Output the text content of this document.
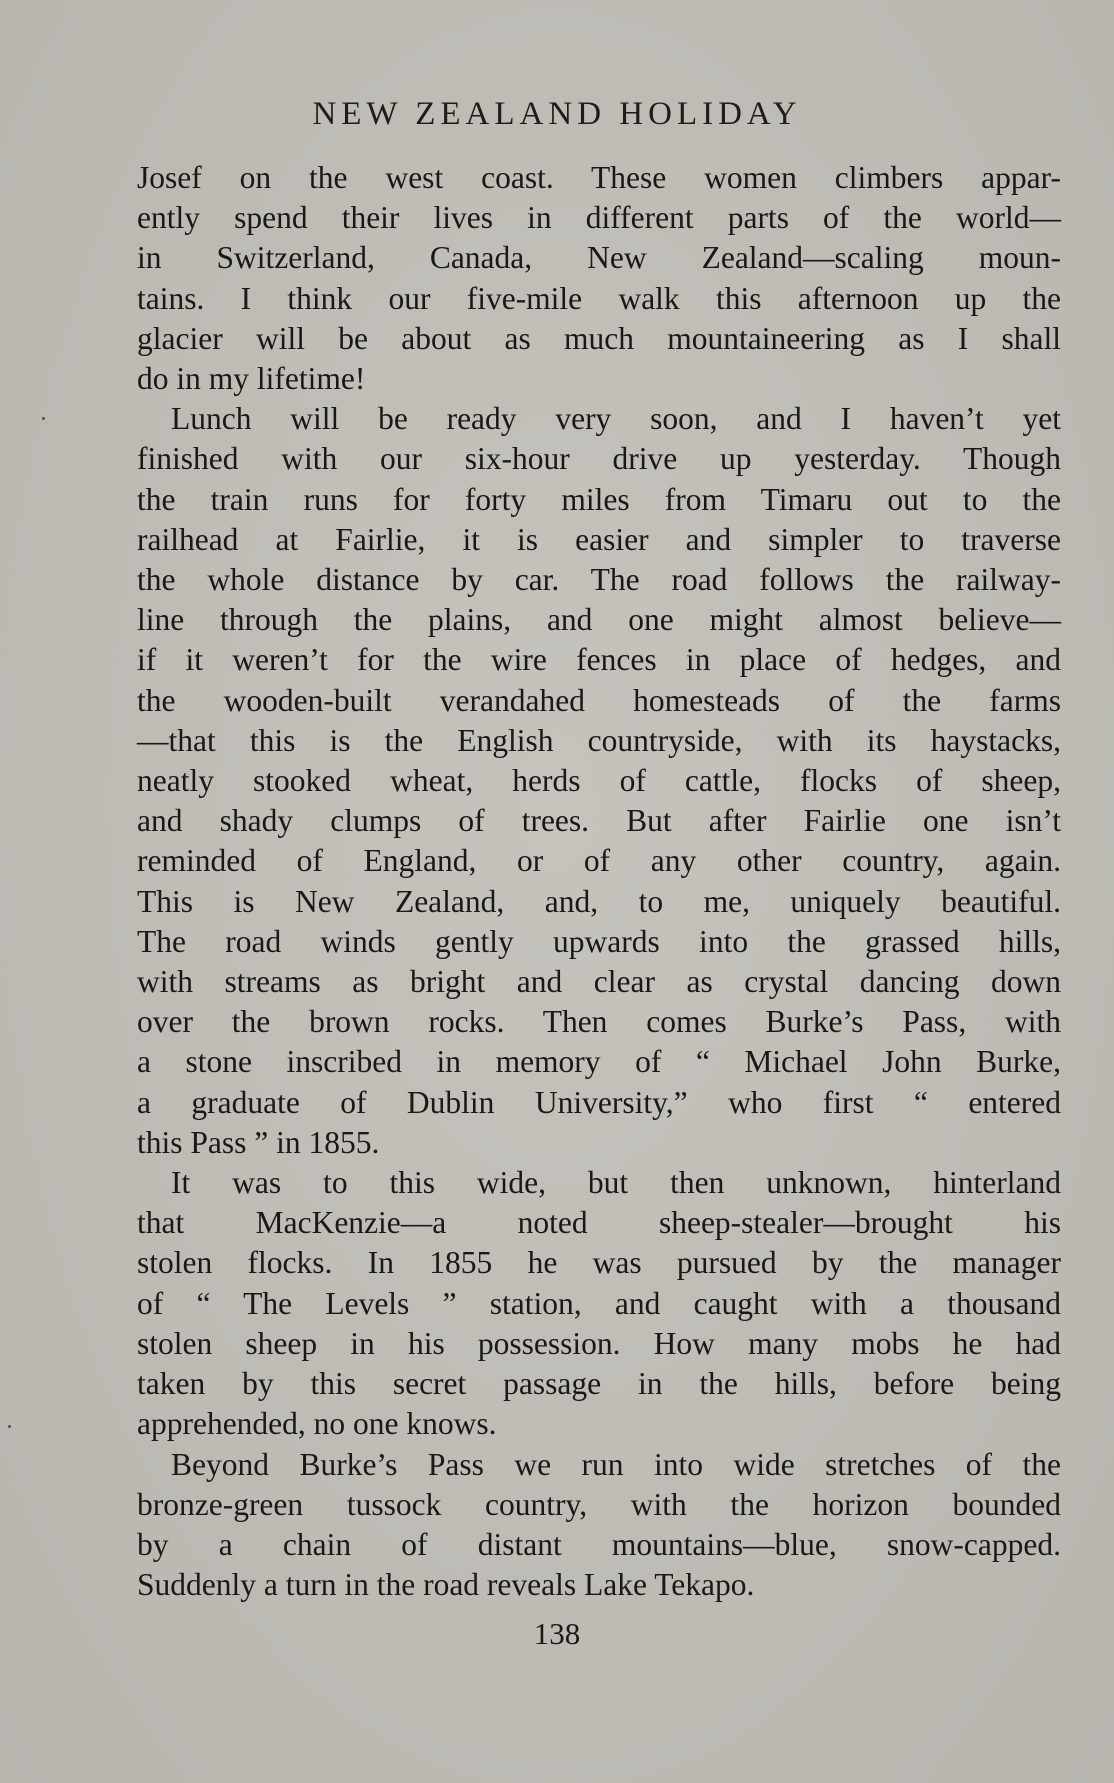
NEW ZEALAND HOLIDAY
Josef on the west coast. These women climbers appar-
ently spend their lives in different parts of the world—
in Switzerland, Canada, New Zealand—scaling moun-
tains. I think our five-mile walk this afternoon up the
glacier will be about as much mountaineering as I shall
do in my lifetime!
Lunch will be ready very soon, and I haven’t yet
finished with our six-hour drive up yesterday. Though
the train runs for forty miles from Timaru out to the
railhead at Fairlie, it is easier and simpler to traverse
the whole distance by car. The road follows the railway-
line through the plains, and one might almost believe—
if it weren’t for the wire fences in place of hedges, and
the wooden-built verandahed homesteads of the farms
—that this is the English countryside, with its haystacks,
neatly stooked wheat, herds of cattle, flocks of sheep,
and shady clumps of trees. But after Fairlie one isn’t
reminded of England, or of any other country, again.
This is New Zealand, and, to me, uniquely beautiful.
The road winds gently upwards into the grassed hills,
with streams as bright and clear as crystal dancing down
over the brown rocks. Then comes Burke’s Pass, with
a stone inscribed in memory of “ Michael John Burke,
a graduate of Dublin University,” who first “ entered
this Pass ” in 1855.
It was to this wide, but then unknown, hinterland
that MacKenzie—a noted sheep-stealer—brought his
stolen flocks. In 1855 he was pursued by the manager
of “ The Levels ” station, and caught with a thousand
stolen sheep in his possession. How many mobs he had
taken by this secret passage in the hills, before being
apprehended, no one knows.
Beyond Burke’s Pass we run into wide stretches of the
bronze-green tussock country, with the horizon bounded
by a chain of distant mountains—blue, snow-capped.
Suddenly a turn in the road reveals Lake Tekapo.
138
